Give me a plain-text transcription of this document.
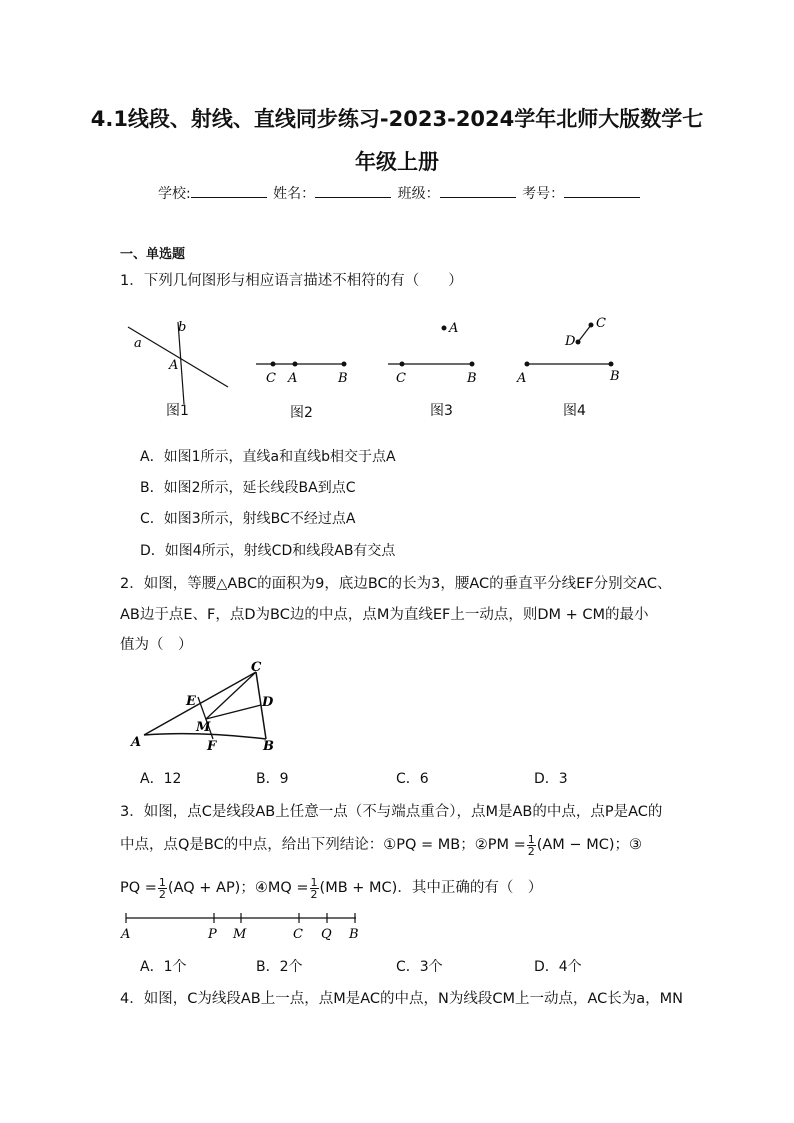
4.1线段、射线、直线同步练习-2023-2024学年北师大版数学七
年级上册
学校:	姓名：	班级：	考号：
一、单选题
1．下列几何图形与相应语言描述不相符的有（　　）
a
b
A
C A	B
A
C	B
C
D
A	B
图1	图2	图3	图4
A．如图1所示，直线a和直线b相交于点A
B．如图2所示，延长线段BA到点C
C．如图3所示，射线BC不经过点A
D．如图4所示，射线CD和线段AB有交点
2．如图，等腰△ABC的面积为9，底边BC的长为3，腰AC的垂直平分线EF分别交AC、
AB边于点E、F，点D为BC边的中点，点M为直线EF上一动点，则DM + CM的最小
值为（　）
C
E	D
M
A	F	B
A．12	B．9	C．6	D．3
3．如图，点C是线段AB上任意一点（不与端点重合），点M是AB的中点，点P是AC的
中点，点Q是BC的中点，给出下列结论：①PQ = MB；②PM = $\frac{1}{2} (AM - MC)$；③
PQ = $\frac{1}{2} (AQ + AP)$；④MQ = $\frac{1}{2} (MB + MC)$．其中正确的有（　）
A	P M	C Q B
A．1个	B．2个	C．3个	D．4个
4．如图，C为线段AB上一点，点M是AC的中点，N为线段CM上一动点，AC长为a，MN
